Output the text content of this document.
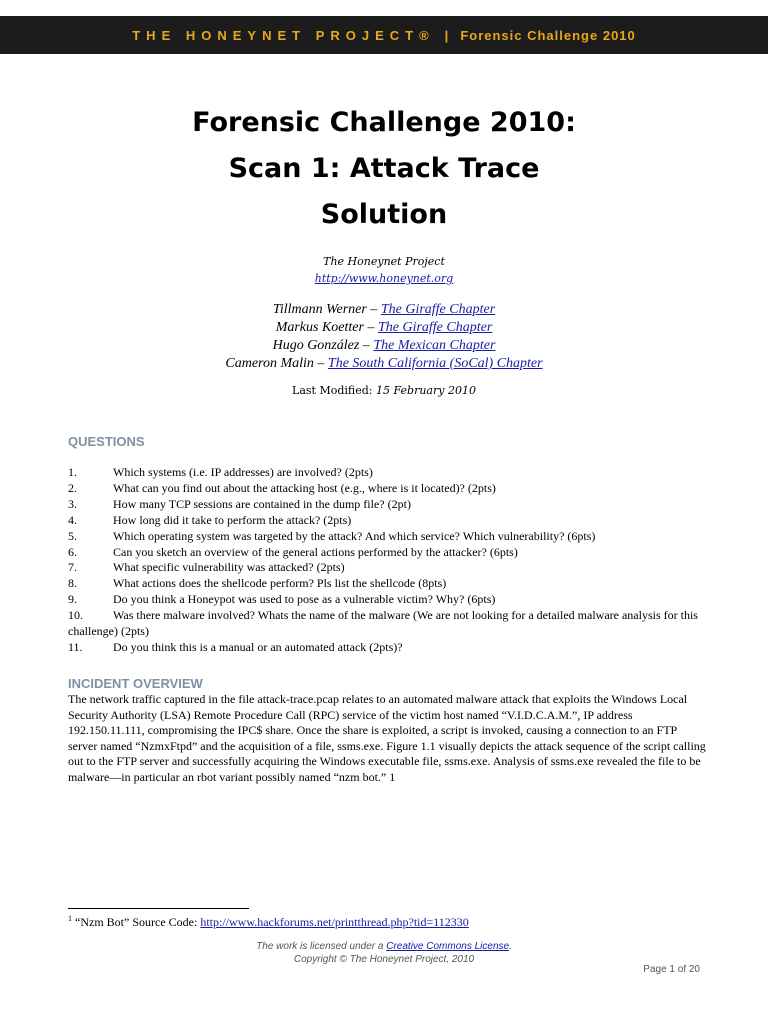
THE HONEYNET PROJECT® | Forensic Challenge 2010
Forensic Challenge 2010:
Scan 1: Attack Trace
Solution
The Honeynet Project
http://www.honeynet.org
Tillmann Werner – The Giraffe Chapter
Markus Koetter – The Giraffe Chapter
Hugo González – The Mexican Chapter
Cameron Malin – The South California (SoCal) Chapter
Last Modified: 15 February 2010
QUESTIONS
1.	Which systems (i.e. IP addresses) are involved? (2pts)
2.	What can you find out about the attacking host (e.g., where is it located)? (2pts)
3.	How many TCP sessions are contained in the dump file? (2pt)
4.	How long did it take to perform the attack? (2pts)
5.	Which operating system was targeted by the attack? And which service? Which vulnerability? (6pts)
6.	Can you sketch an overview of the general actions performed by the attacker? (6pts)
7.	What specific vulnerability was attacked? (2pts)
8.	What actions does the shellcode perform? Pls list the shellcode (8pts)
9.	Do you think a Honeypot was used to pose as a vulnerable victim? Why? (6pts)
10.	Was there malware involved? Whats the name of the malware (We are not looking for a detailed malware analysis for this challenge) (2pts)
11.	Do you think this is a manual or an automated attack (2pts)?
INCIDENT OVERVIEW
The network traffic captured in the file attack-trace.pcap relates to an automated malware attack that exploits the Windows Local Security Authority (LSA) Remote Procedure Call (RPC) service of the victim host named “V.I.D.C.A.M.”, IP address 192.150.11.111, compromising the IPC$ share. Once the share is exploited, a script is invoked, causing a connection to an FTP server named “NzmxFtpd” and the acquisition of a file, ssms.exe. Figure 1.1 visually depicts the attack sequence of the script calling out to the FTP server and successfully acquiring the Windows executable file, ssms.exe. Analysis of ssms.exe revealed the file to be malware—in particular an rbot variant possibly named “nzm bot.” 1
$^1$ “Nzm Bot” Source Code: http://www.hackforums.net/printthread.php?tid=112330
The work is licensed under a Creative Commons License.
Copyright © The Honeynet Project, 2010
Page 1 of 20
